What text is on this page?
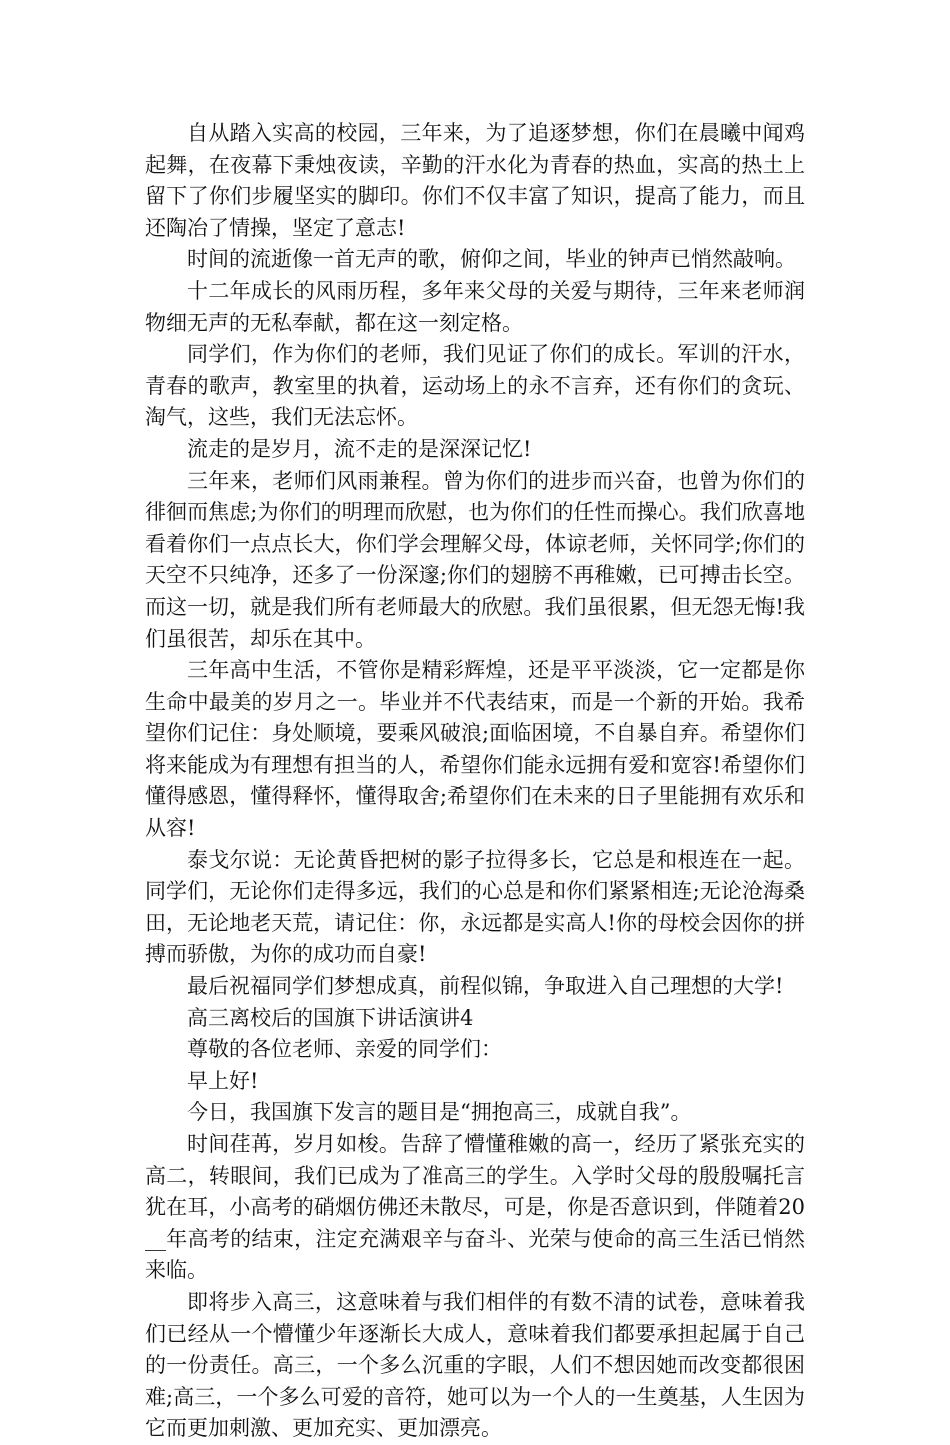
自从踏入实高的校园，三年来，为了追逐梦想，你们在晨曦中闻鸡起舞，在夜幕下秉烛夜读，辛勤的汗水化为青春的热血，实高的热土上留下了你们步履坚实的脚印。你们不仅丰富了知识，提高了能力，而且还陶冶了情操，坚定了意志!

时间的流逝像一首无声的歌，俯仰之间，毕业的钟声已悄然敲响。

十二年成长的风雨历程，多年来父母的关爱与期待，三年来老师润物细无声的无私奉献，都在这一刻定格。

同学们，作为你们的老师，我们见证了你们的成长。军训的汗水，青春的歌声，教室里的执着，运动场上的永不言弃，还有你们的贪玩、淘气，这些，我们无法忘怀。

流走的是岁月，流不走的是深深记忆!

三年来，老师们风雨兼程。曾为你们的进步而兴奋，也曾为你们的徘徊而焦虑;为你们的明理而欣慰，也为你们的任性而操心。我们欣喜地看着你们一点点长大，你们学会理解父母，体谅老师，关怀同学;你们的天空不只纯净，还多了一份深邃;你们的翅膀不再稚嫩，已可搏击长空。而这一切，就是我们所有老师最大的欣慰。我们虽很累，但无怨无悔!我们虽很苦，却乐在其中。

三年高中生活，不管你是精彩辉煌，还是平平淡淡，它一定都是你生命中最美的岁月之一。毕业并不代表结束，而是一个新的开始。我希望你们记住：身处顺境，要乘风破浪;面临困境，不自暴自弃。希望你们将来能成为有理想有担当的人，希望你们能永远拥有爱和宽容!希望你们懂得感恩，懂得释怀，懂得取舍;希望你们在未来的日子里能拥有欢乐和从容!

泰戈尔说：无论黄昏把树的影子拉得多长，它总是和根连在一起。同学们，无论你们走得多远，我们的心总是和你们紧紧相连;无论沧海桑田，无论地老天荒，请记住：你，永远都是实高人!你的母校会因你的拼搏而骄傲，为你的成功而自豪!

最后祝福同学们梦想成真，前程似锦，争取进入自己理想的大学!

高三离校后的国旗下讲话演讲4

尊敬的各位老师、亲爱的同学们：

早上好!

今日，我国旗下发言的题目是“拥抱高三，成就自我”。

时间荏苒，岁月如梭。告辞了懵懂稚嫩的高一，经历了紧张充实的高二，转眼间，我们已成为了准高三的学生。入学时父母的殷殷嘱托言犹在耳，小高考的硝烟仿佛还未散尽，可是，你是否意识到，伴随着20__年高考的结束，注定充满艰辛与奋斗、光荣与使命的高三生活已悄然来临。

即将步入高三，这意味着与我们相伴的有数不清的试卷，意味着我们已经从一个懵懂少年逐渐长大成人，意味着我们都要承担起属于自己的一份责任。高三，一个多么沉重的字眼，人们不想因她而改变都很困难;高三，一个多么可爱的音符，她可以为一个人的一生奠基，人生因为它而更加刺激、更加充实、更加漂亮。
